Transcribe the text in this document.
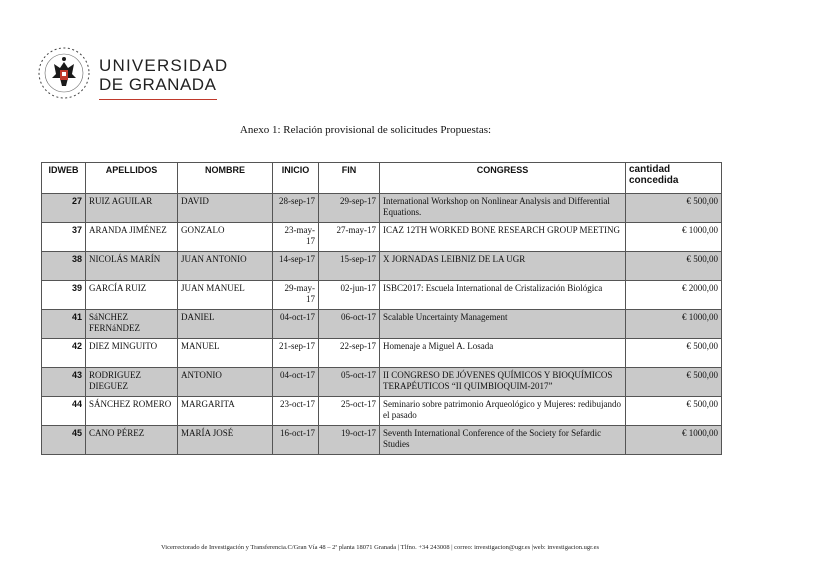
UNIVERSIDAD
DE GRANADA
Anexo 1: Relación provisional de solicitudes Propuestas:
IDWEB	APELLIDOS	NOMBRE	INICIO	FIN	CONGRESS	cantidad concedida
27	RUIZ AGUILAR	DAVID	28-sep-17	29-sep-17	International Workshop on Nonlinear Analysis and Differential Equations.	€ 500,00
37	ARANDA JIMÉNEZ	GONZALO	23-may-17	27-may-17	ICAZ 12TH WORKED BONE RESEARCH GROUP MEETING	€ 1000,00
38	NICOLÁS MARÍN	JUAN ANTONIO	14-sep-17	15-sep-17	X JORNADAS LEIBNIZ DE LA UGR	€ 500,00
39	GARCÍA RUIZ	JUAN MANUEL	29-may-17	02-jun-17	ISBC2017: Escuela International de Cristalización Biológica	€ 2000,00
41	SáNCHEZ FERNáNDEZ	DANIEL	04-oct-17	06-oct-17	Scalable Uncertainty Management	€ 1000,00
42	DIEZ MINGUITO	MANUEL	21-sep-17	22-sep-17	Homenaje a Miguel A. Losada	€ 500,00
43	RODRIGUEZ DIEGUEZ	ANTONIO	04-oct-17	05-oct-17	II CONGRESO DE JÓVENES QUÍMICOS Y BIOQUÍMICOS TERAPÉUTICOS “II QUIMBIOQUIM-2017”	€ 500,00
44	SÁNCHEZ ROMERO	MARGARITA	23-oct-17	25-oct-17	Seminario sobre patrimonio Arqueológico y Mujeres: redibujando el pasado	€ 500,00
45	CANO PÉREZ	MARÍA JOSÉ	16-oct-17	19-oct-17	Seventh International Conference of the Society for Sefardic Studies	€ 1000,00
Vicerrectorado de Investigación y Transferencia.C/Gran Vía 48 – 2ª planta 18071 Granada | Tlfno. +34 243008 | correo: investigacion@ugr.es |web: investigacion.ugr.es
